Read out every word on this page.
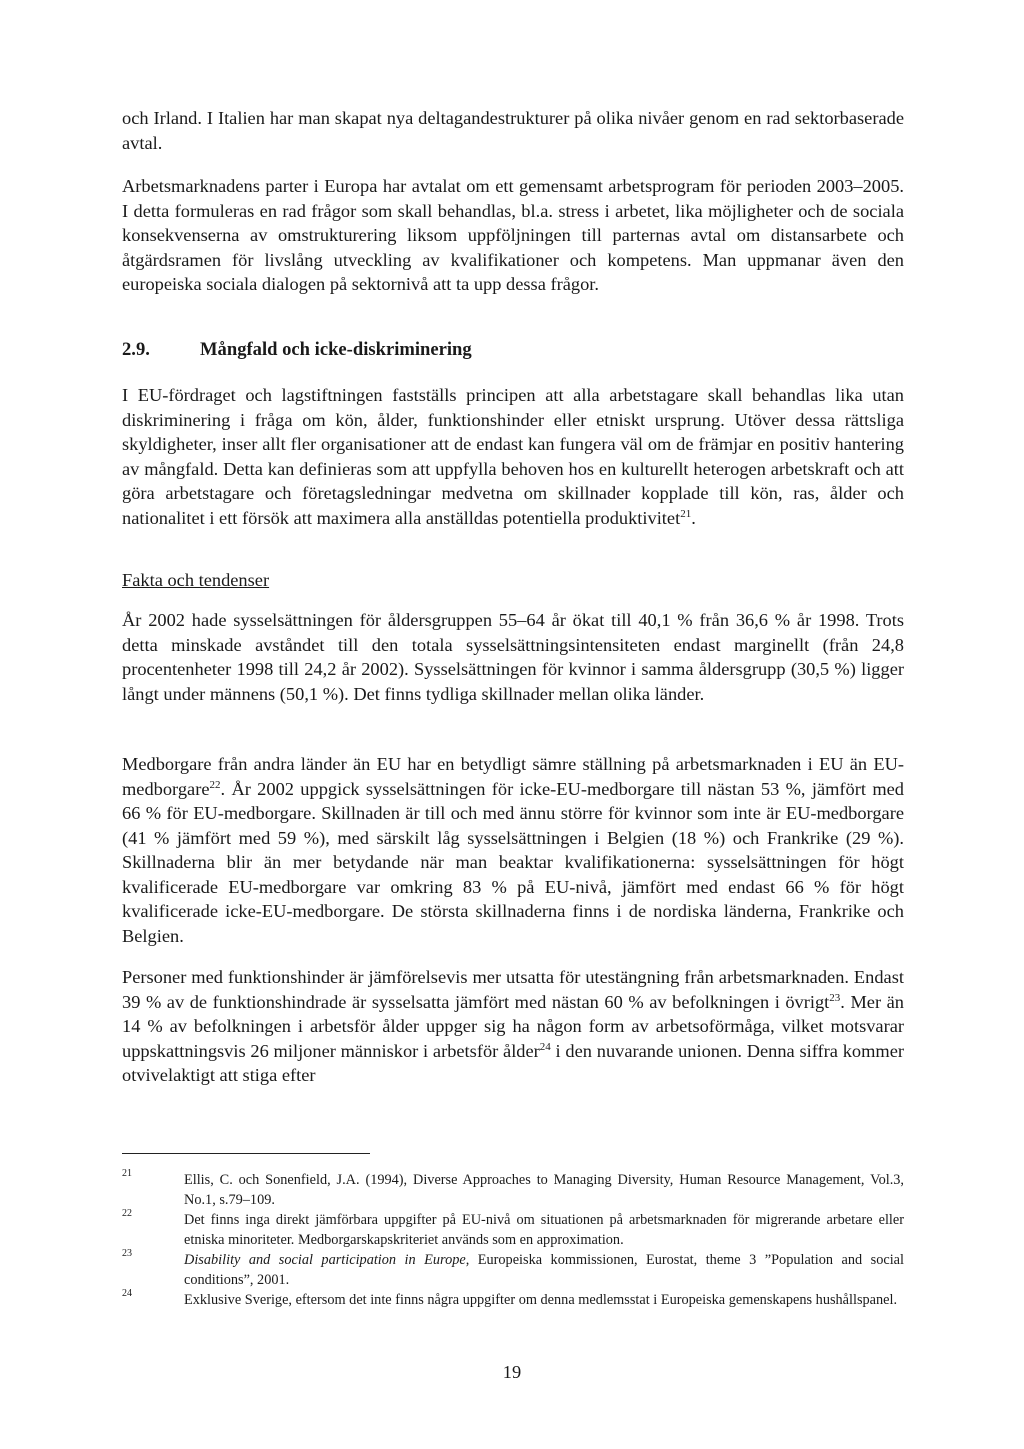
och Irland. I Italien har man skapat nya deltagandestrukturer på olika nivåer genom en rad sektorbaserade avtal.

Arbetsmarknadens parter i Europa har avtalat om ett gemensamt arbetsprogram för perioden 2003–2005. I detta formuleras en rad frågor som skall behandlas, bl.a. stress i arbetet, lika möjligheter och de sociala konsekvenserna av omstrukturering liksom uppföljningen till parternas avtal om distansarbete och åtgärdsramen för livslång utveckling av kvalifikationer och kompetens. Man uppmanar även den europeiska sociala dialogen på sektornivå att ta upp dessa frågor.

2.9.	Mångfald och icke-diskriminering

I EU-fördraget och lagstiftningen fastställs principen att alla arbetstagare skall behandlas lika utan diskriminering i fråga om kön, ålder, funktionshinder eller etniskt ursprung. Utöver dessa rättsliga skyldigheter, inser allt fler organisationer att de endast kan fungera väl om de främjar en positiv hantering av mångfald. Detta kan definieras som att uppfylla behoven hos en kulturellt heterogen arbetskraft och att göra arbetstagare och företagsledningar medvetna om skillnader kopplade till kön, ras, ålder och nationalitet i ett försök att maximera alla anställdas potentiella produktivitet$^{21}$.

Fakta och tendenser

År 2002 hade sysselsättningen för åldersgruppen 55–64 år ökat till 40,1 % från 36,6 % år 1998. Trots detta minskade avståndet till den totala sysselsättningsintensiteten endast marginellt (från 24,8 procentenheter 1998 till 24,2 år 2002). Sysselsättningen för kvinnor i samma åldersgrupp (30,5 %) ligger långt under männens (50,1 %). Det finns tydliga skillnader mellan olika länder.

Medborgare från andra länder än EU har en betydligt sämre ställning på arbetsmarknaden i EU än EU-medborgare$^{22}$. År 2002 uppgick sysselsättningen för icke-EU-medborgare till nästan 53 %, jämfört med 66 % för EU-medborgare. Skillnaden är till och med ännu större för kvinnor som inte är EU-medborgare (41 % jämfört med 59 %), med särskilt låg sysselsättningen i Belgien (18 %) och Frankrike (29 %). Skillnaderna blir än mer betydande när man beaktar kvalifikationerna: sysselsättningen för högt kvalificerade EU-medborgare var omkring 83 % på EU-nivå, jämfört med endast 66 % för högt kvalificerade icke-EU-medborgare. De största skillnaderna finns i de nordiska länderna, Frankrike och Belgien.

Personer med funktionshinder är jämförelsevis mer utsatta för utestängning från arbetsmarknaden. Endast 39 % av de funktionshindrade är sysselsatta jämfört med nästan 60 % av befolkningen i övrigt$^{23}$. Mer än 14 % av befolkningen i arbetsför ålder uppger sig ha någon form av arbetsoförmåga, vilket motsvarar uppskattningsvis 26 miljoner människor i arbetsför ålder$^{24}$ i den nuvarande unionen. Denna siffra kommer otvivelaktigt att stiga efter

21	Ellis, C. och Sonenfield, J.A. (1994), Diverse Approaches to Managing Diversity, Human Resource Management, Vol.3, No.1, s.79–109.
22	Det finns inga direkt jämförbara uppgifter på EU-nivå om situationen på arbetsmarknaden för migrerande arbetare eller etniska minoriteter. Medborgarskapskriteriet används som en approximation.
23	Disability and social participation in Europe, Europeiska kommissionen, Eurostat, theme 3 ”Population and social conditions”, 2001.
24	Exklusive Sverige, eftersom det inte finns några uppgifter om denna medlemsstat i Europeiska gemenskapens hushållspanel.
19
